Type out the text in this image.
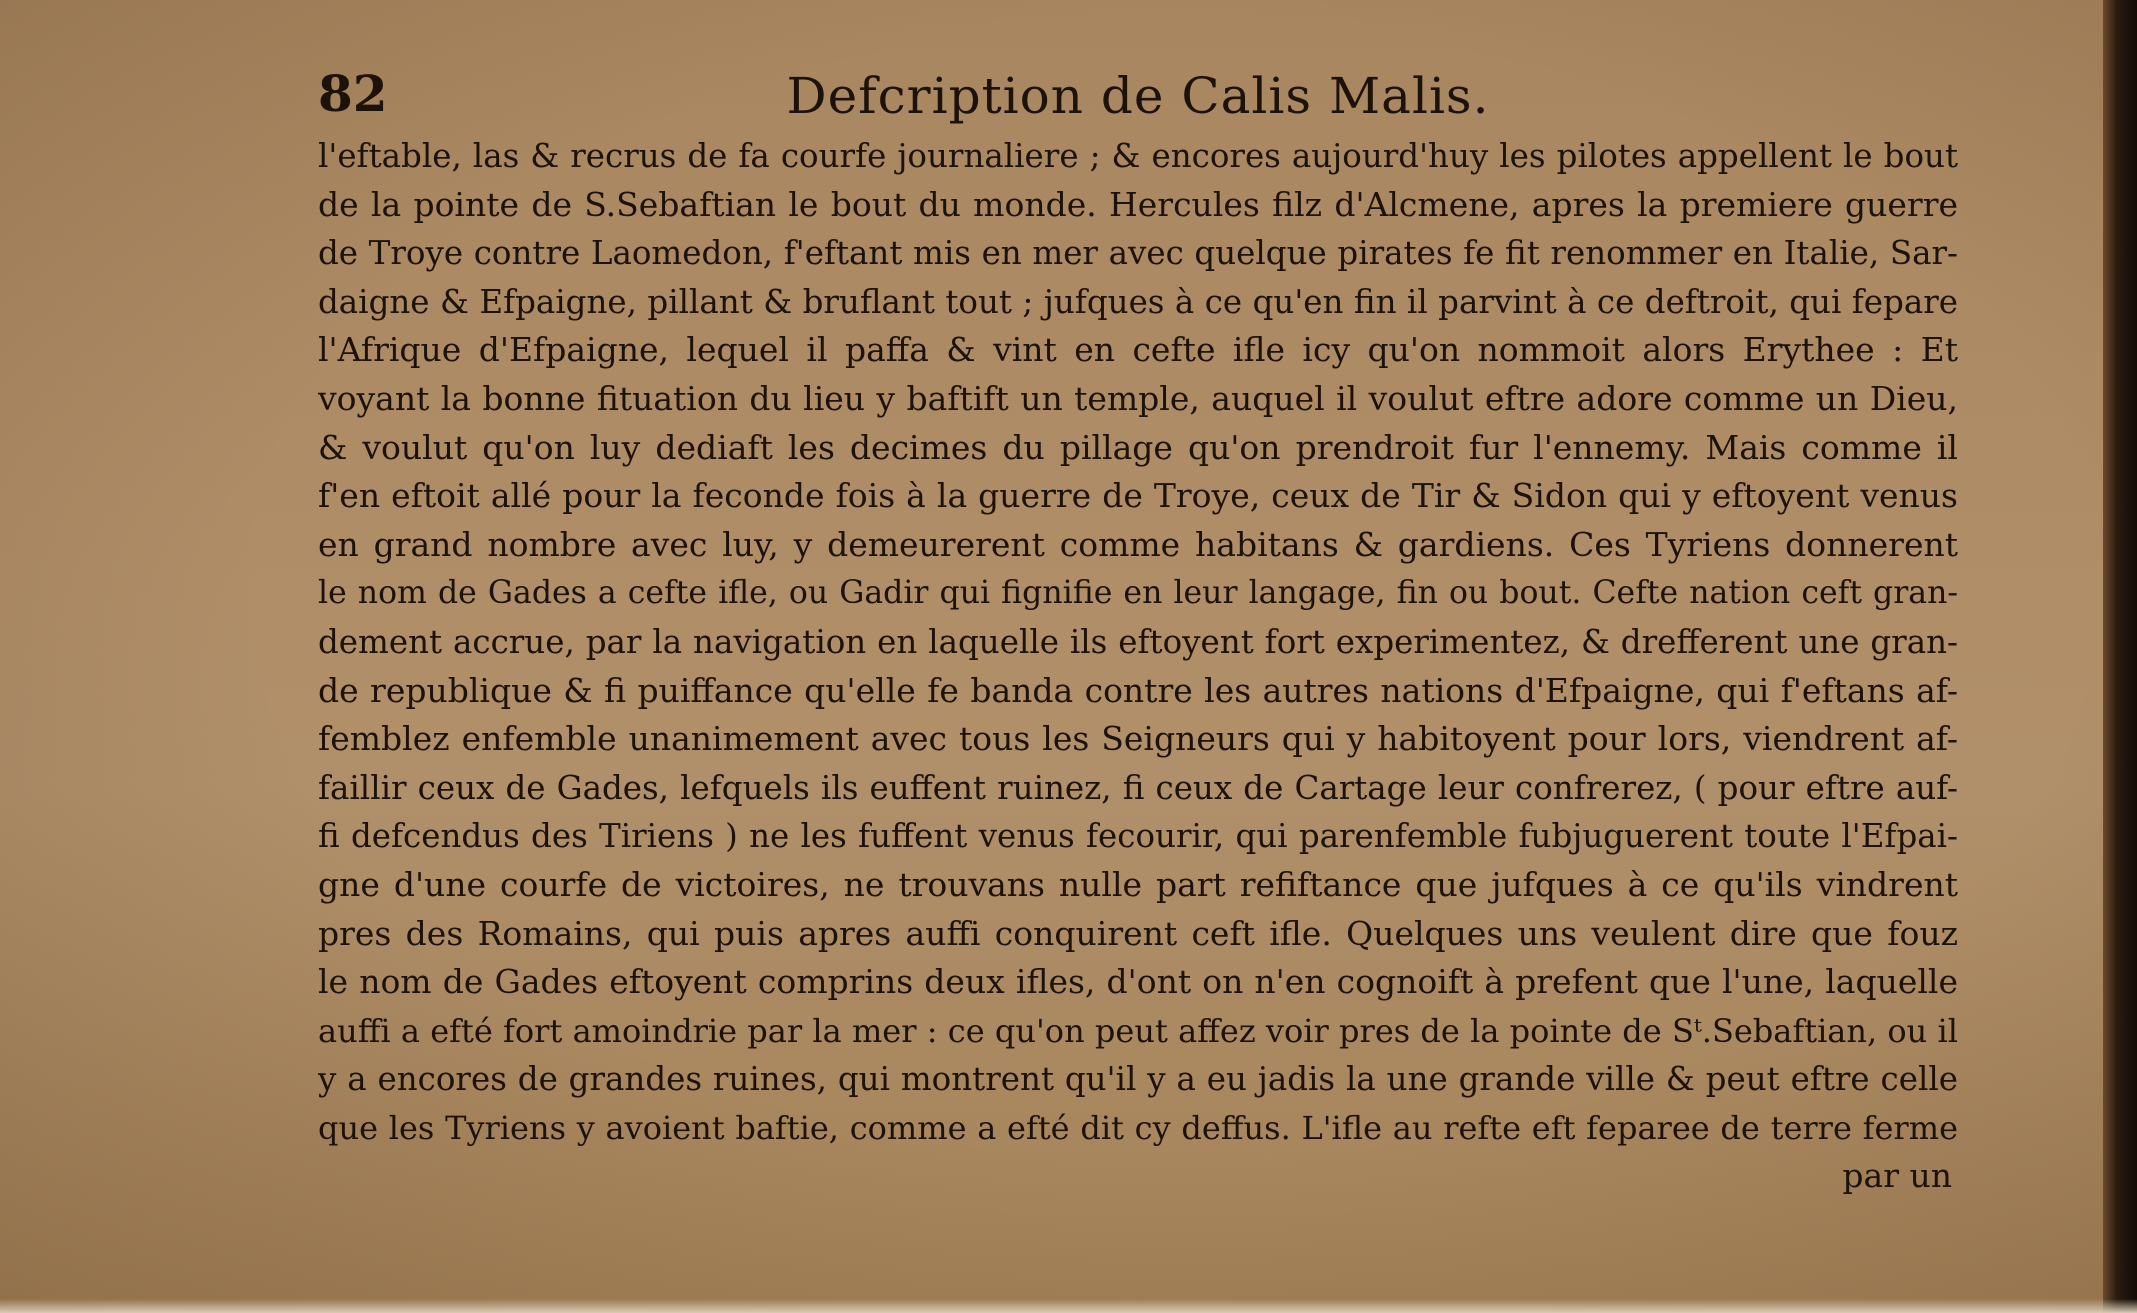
82	Defcription de Calis Malis.
l'eftable, las & recrus de fa courfe journaliere ; & encores aujourd'huy les pilotes appellent le bout
de la pointe de S.Sebaftian le bout du monde. Hercules filz d'Alcmene, apres la premiere guerre
de Troye contre Laomedon, f'eftant mis en mer avec quelque pirates fe fit renommer en Italie, Sar-
daigne & Efpaigne, pillant & bruflant tout ; jufques à ce qu'en fin il parvint à ce deftroit, qui fepare
l'Afrique d'Efpaigne, lequel il paffa & vint en cefte ifle icy qu'on nommoit alors Erythee : Et
voyant la bonne fituation du lieu y baftift un temple, auquel il voulut eftre adore comme un Dieu,
& voulut qu'on luy dediaft les decimes du pillage qu'on prendroit fur l'ennemy. Mais comme il
f'en eftoit allé pour la feconde fois à la guerre de Troye, ceux de Tir & Sidon qui y eftoyent venus
en grand nombre avec luy, y demeurerent comme habitans & gardiens. Ces Tyriens donnerent
le nom de Gades a cefte ifle, ou Gadir qui fignifie en leur langage, fin ou bout. Cefte nation ceft gran-
dement accrue, par la navigation en laquelle ils eftoyent fort experimentez, & drefferent une gran-
de republique & fi puiffance qu'elle fe banda contre les autres nations d'Efpaigne, qui f'eftans af-
femblez enfemble unanimement avec tous les Seigneurs qui y habitoyent pour lors, viendrent af-
faillir ceux de Gades, lefquels ils euffent ruinez, fi ceux de Cartage leur confrerez, ( pour eftre auf-
fi defcendus des Tiriens ) ne les fuffent venus fecourir, qui parenfemble fubjuguerent toute l'Efpai-
gne d'une courfe de victoires, ne trouvans nulle part refiftance que jufques à ce qu'ils vindrent
pres des Romains, qui puis apres auffi conquirent ceft ifle. Quelques uns veulent dire que fouz
le nom de Gades eftoyent comprins deux ifles, d'ont on n'en cognoift à prefent que l'une, laquelle
auffi a efté fort amoindrie par la mer : ce qu'on peut affez voir pres de la pointe de Sᵗ.Sebaftian, ou il
y a encores de grandes ruines, qui montrent qu'il y a eu jadis la une grande ville & peut eftre celle
que les Tyriens y avoient baftie, comme a efté dit cy deffus. L'ifle au refte eft feparee de terre ferme
par un
